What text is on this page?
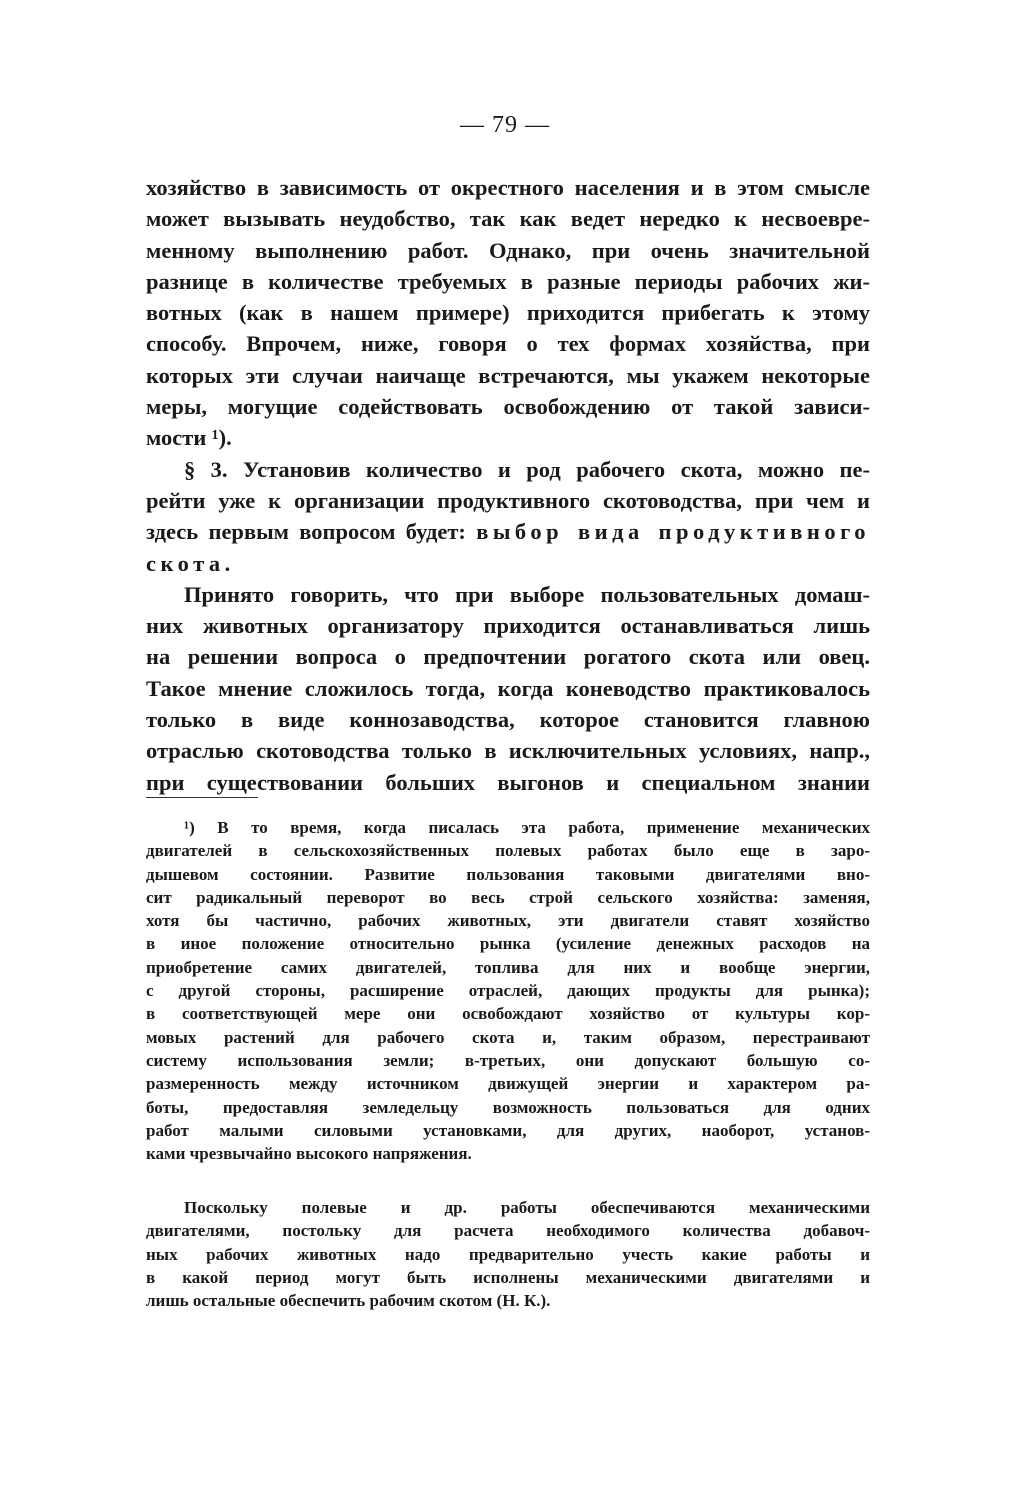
— 79 —
хозяйство в зависимость от окрестного населения и в этом смысле
может вызывать неудобство, так как ведет нередко к несвоевре-
менному выполнению работ. Однако, при очень значительной
разнице в количестве требуемых в разные периоды рабочих жи-
вотных (как в нашем примере) приходится прибегать к этому
способу. Впрочем, ниже, говоря о тех формах хозяйства, при
которых эти случаи наичаще встречаются, мы укажем некоторые
меры, могущие содействовать освобождению от такой зависи-
мости ¹).
§ 3. Установив количество и род рабочего скота, можно пе-
рейти уже к организации продуктивного скотоводства, при чем и
здесь первым вопросом будет: выбор вида продуктивного
скота.
Принято говорить, что при выборе пользовательных домаш-
них животных организатору приходится останавливаться лишь
на решении вопроса о предпочтении рогатого скота или овец.
Такое мнение сложилось тогда, когда коневодство практиковалось
только в виде коннозаводства, которое становится главною
отраслью скотоводства только в исключительных условиях, напр.,
при существовании больших выгонов и специальном знании
¹) В то время, когда писалась эта работа, применение механических
двигателей в сельскохозяйственных полевых работах было еще в заро-
дышевом состоянии. Развитие пользования таковыми двигателями вно-
сит радикальный переворот во весь строй сельского хозяйства: заменяя,
хотя бы частично, рабочих животных, эти двигатели ставят хозяйство
в иное положение относительно рынка (усиление денежных расходов на
приобретение самих двигателей, топлива для них и вообще энергии,
с другой стороны, расширение отраслей, дающих продукты для рынка);
в соответствующей мере они освобождают хозяйство от культуры кор-
мовых растений для рабочего скота и, таким образом, перестраивают
систему использования земли; в-третьих, они допускают большую со-
размеренность между источником движущей энергии и характером ра-
боты, предоставляя земледельцу возможность пользоваться для одних
работ малыми силовыми установками, для других, наоборот, установ-
ками чрезвычайно высокого напряжения.
Поскольку полевые и др. работы обеспечиваются механическими
двигателями, постольку для расчета необходимого количества добавоч-
ных рабочих животных надо предварительно учесть какие работы и
в какой период могут быть исполнены механическими двигателями и
лишь остальные обеспечить рабочим скотом (Н. К.).
